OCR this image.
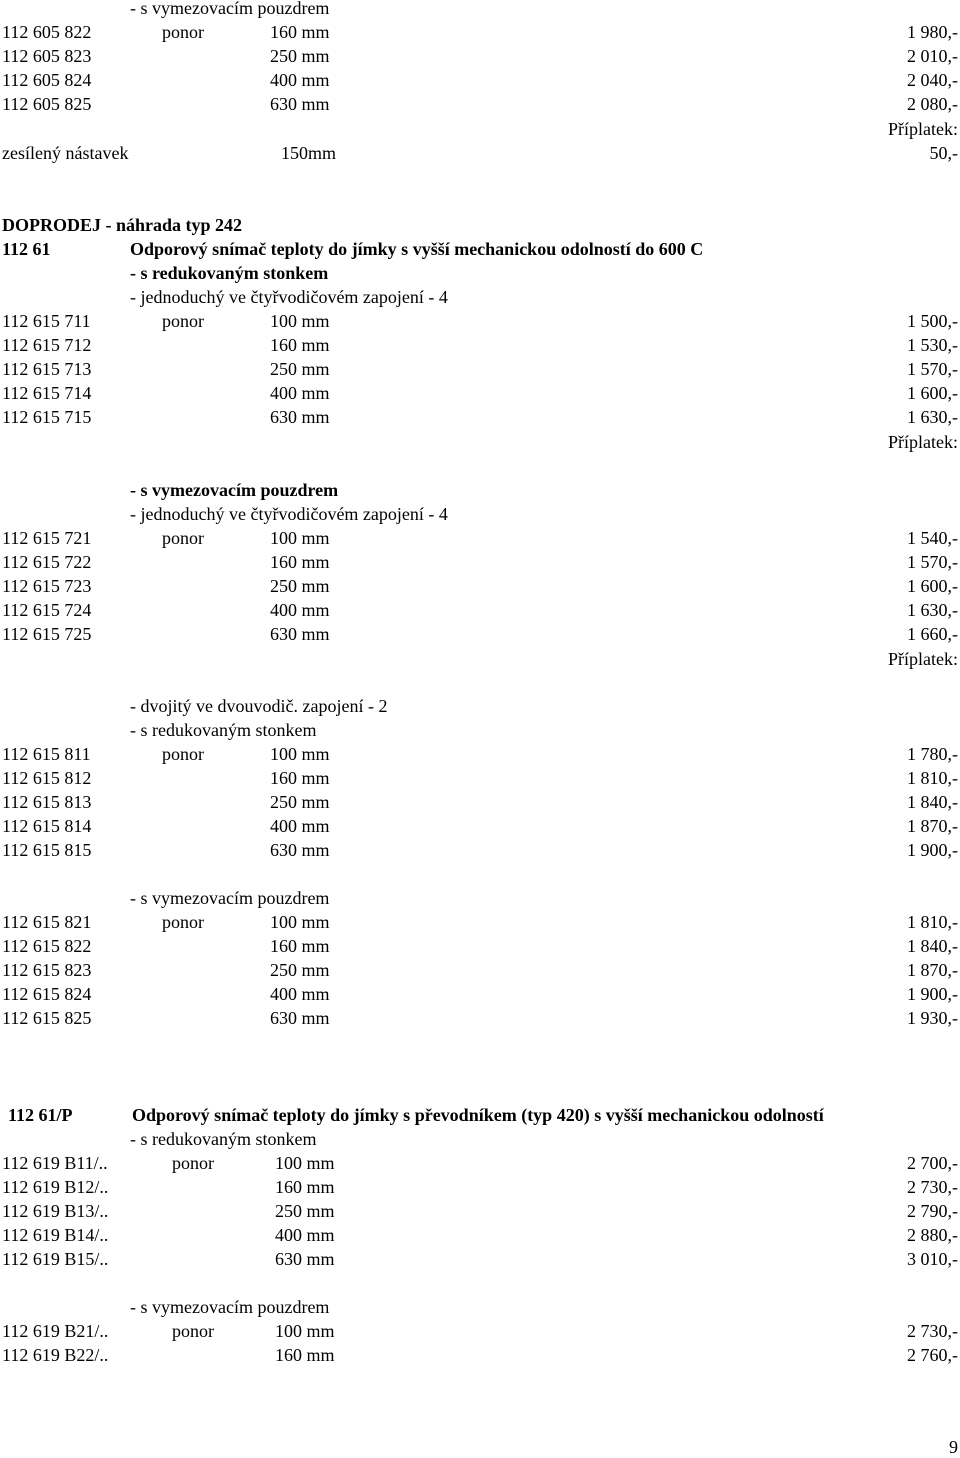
- s vymezovacím pouzdrem
112 605 822	ponor	160 mm	1 980,-
112 605 823	250 mm	2 010,-
112 605 824	400 mm	2 040,-
112 605 825	630 mm	2 080,-
Příplatek:
zesílený nástavek	150mm	50,-
DOPRODEJ - náhrada typ 242
112 61	Odporový snímač teploty do jímky s vyšší mechanickou odolností do 600 C
- s redukovaným stonkem
- jednoduchý ve čtyřvodičovém zapojení - 4
112 615 711	ponor	100 mm	1 500,-
112 615 712	160 mm	1 530,-
112 615 713	250 mm	1 570,-
112 615 714	400 mm	1 600,-
112 615 715	630 mm	1 630,-
Příplatek:
- s vymezovacím pouzdrem
- jednoduchý ve čtyřvodičovém zapojení - 4
112 615 721	ponor	100 mm	1 540,-
112 615 722	160 mm	1 570,-
112 615 723	250 mm	1 600,-
112 615 724	400 mm	1 630,-
112 615 725	630 mm	1 660,-
Příplatek:
- dvojitý ve dvouvodič. zapojení - 2
- s redukovaným stonkem
112 615 811	ponor	100 mm	1 780,-
112 615 812	160 mm	1 810,-
112 615 813	250 mm	1 840,-
112 615 814	400 mm	1 870,-
112 615 815	630 mm	1 900,-
- s vymezovacím pouzdrem
112 615 821	ponor	100 mm	1 810,-
112 615 822	160 mm	1 840,-
112 615 823	250 mm	1 870,-
112 615 824	400 mm	1 900,-
112 615 825	630 mm	1 930,-
112 61/P	Odporový snímač teploty do jímky s převodníkem (typ 420) s vyšší mechanickou odolností
- s redukovaným stonkem
112 619 B11/..	ponor	100 mm	2 700,-
112 619 B12/..	160 mm	2 730,-
112 619 B13/..	250 mm	2 790,-
112 619 B14/..	400 mm	2 880,-
112 619 B15/..	630 mm	3 010,-
- s vymezovacím pouzdrem
112 619 B21/..	ponor	100 mm	2 730,-
112 619 B22/..	160 mm	2 760,-
9
